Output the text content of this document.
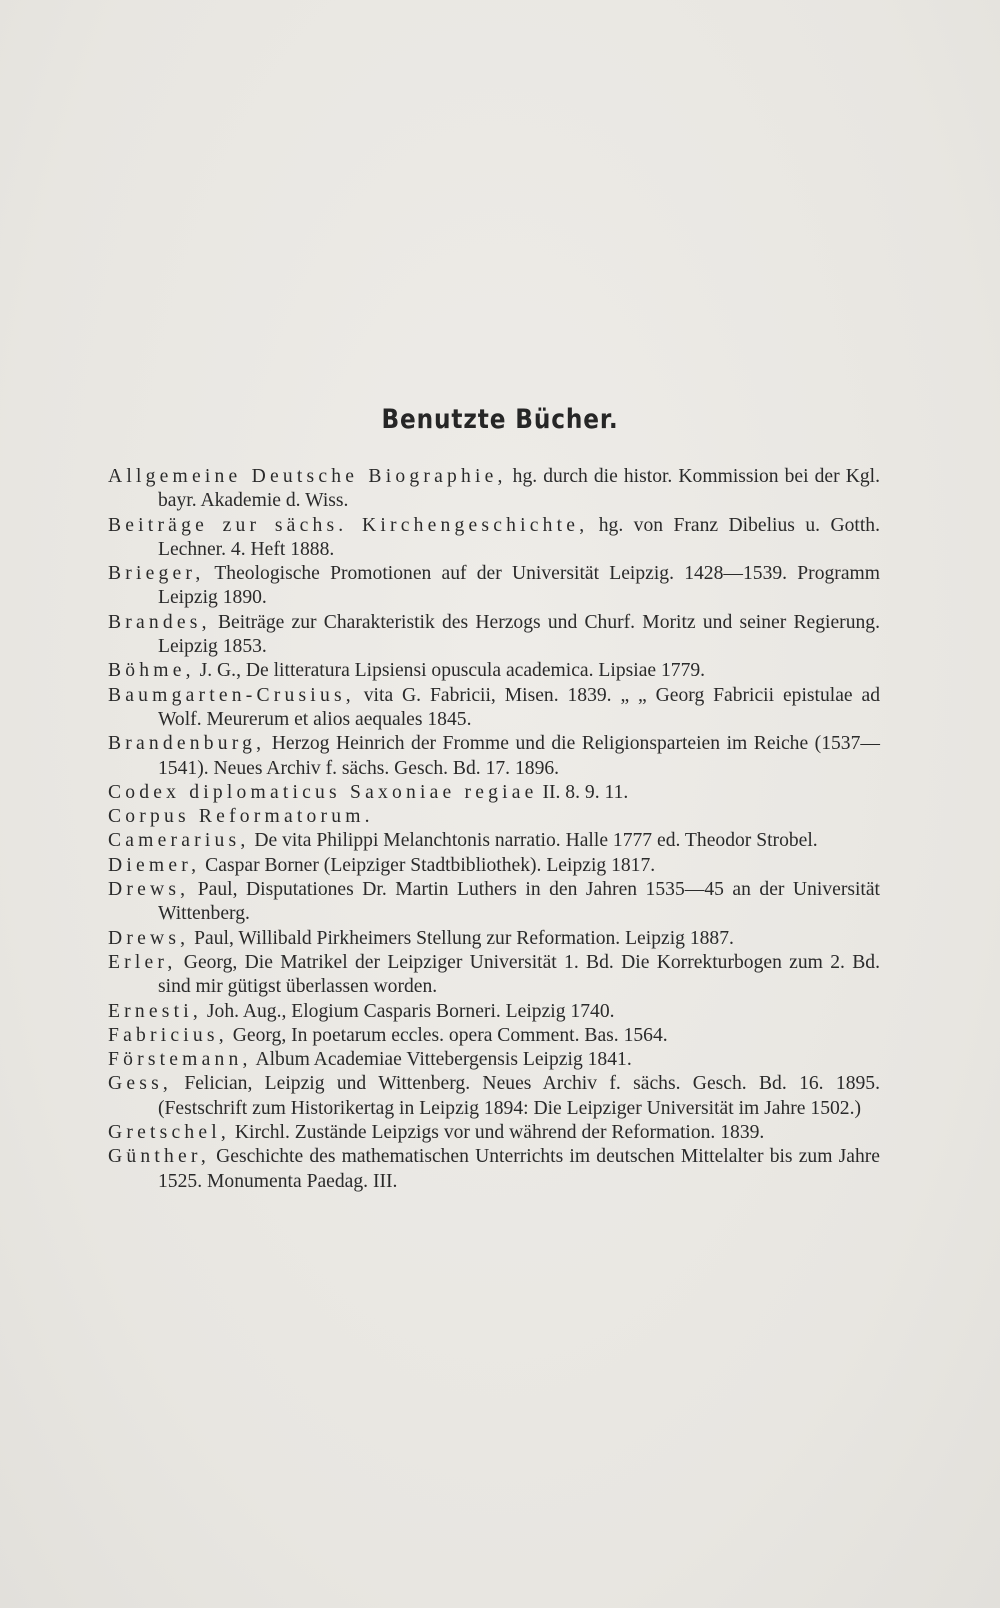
Benutzte Bücher.

Allgemeine Deutsche Biographie, hg. durch die histor. Kommission bei der Kgl. bayr. Akademie d. Wiss.

Beiträge zur sächs. Kirchengeschichte, hg. von Franz Dibelius u. Gotth. Lechner. 4. Heft 1888.

Brieger, Theologische Promotionen auf der Universität Leipzig. 1428—1539. Programm Leipzig 1890.

Brandes, Beiträge zur Charakteristik des Herzogs und Churf. Moritz und seiner Regierung. Leipzig 1853.

Böhme, J. G., De litteratura Lipsiensi opuscula academica. Lipsiae 1779.

Baumgarten-Crusius, vita G. Fabricii, Misen. 1839. „ „ Georg Fabricii epistulae ad Wolf. Meurerum et alios aequales 1845.

Brandenburg, Herzog Heinrich der Fromme und die Religionsparteien im Reiche (1537—1541). Neues Archiv f. sächs. Gesch. Bd. 17. 1896.

Codex diplomaticus Saxoniae regiae II. 8. 9. 11.

Corpus Reformatorum.

Camerarius, De vita Philippi Melanchtonis narratio. Halle 1777 ed. Theodor Strobel.

Diemer, Caspar Borner (Leipziger Stadtbibliothek). Leipzig 1817.

Drews, Paul, Disputationes Dr. Martin Luthers in den Jahren 1535—45 an der Universität Wittenberg.

Drews, Paul, Willibald Pirkheimers Stellung zur Reformation. Leipzig 1887.

Erler, Georg, Die Matrikel der Leipziger Universität 1. Bd. Die Korrekturbogen zum 2. Bd. sind mir gütigst überlassen worden.

Ernesti, Joh. Aug., Elogium Casparis Borneri. Leipzig 1740.

Fabricius, Georg, In poetarum eccles. opera Comment. Bas. 1564.

Förstemann, Album Academiae Vittebergensis Leipzig 1841.

Gess, Felician, Leipzig und Wittenberg. Neues Archiv f. sächs. Gesch. Bd. 16. 1895. (Festschrift zum Historikertag in Leipzig 1894: Die Leipziger Universität im Jahre 1502.)

Gretschel, Kirchl. Zustände Leipzigs vor und während der Reformation. 1839.

Günther, Geschichte des mathematischen Unterrichts im deutschen Mittelalter bis zum Jahre 1525. Monumenta Paedag. III.
